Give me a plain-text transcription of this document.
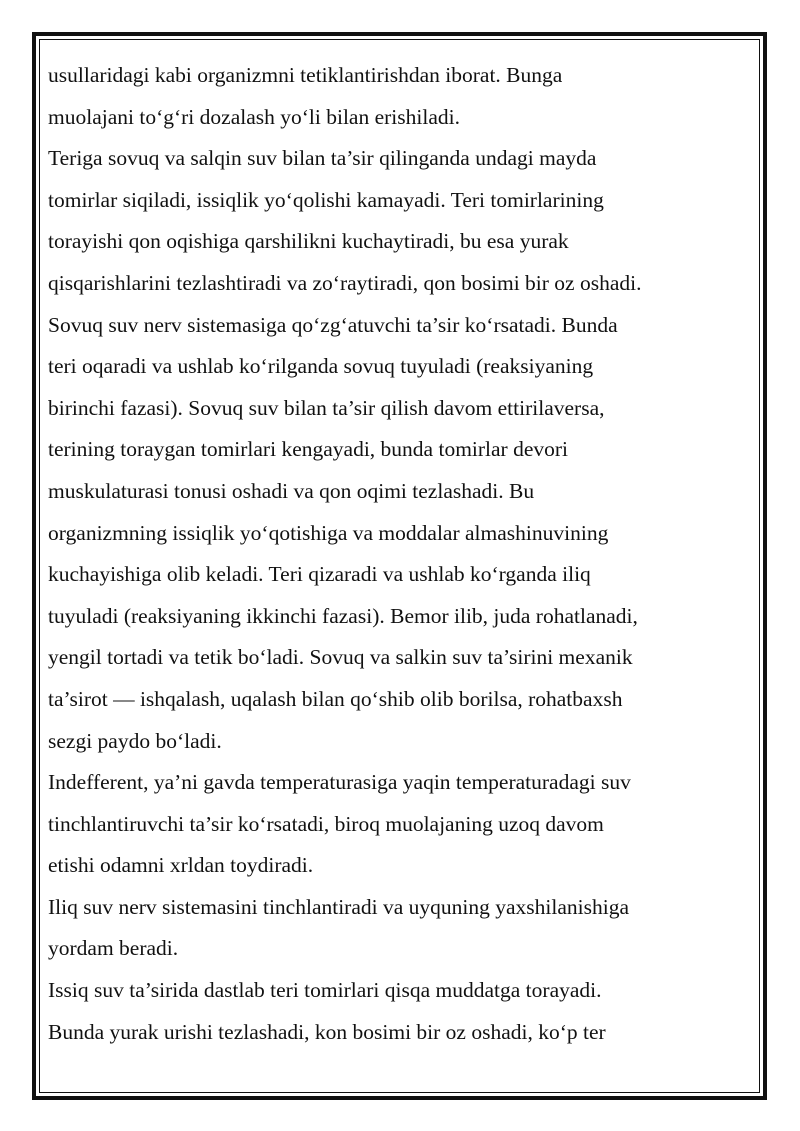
usullaridagi kabi organizmni tetiklantirishdan iborat. Bunga
muolajani to‘g‘ri dozalash yo‘li bilan erishiladi.
Teriga sovuq va salqin suv bilan ta’sir qilinganda undagi mayda
tomirlar siqiladi, issiqlik yo‘qolishi kamayadi. Teri tomirlarining
torayishi qon oqishiga qarshilikni kuchaytiradi, bu esa yurak
qisqarishlarini tezlashtiradi va zo‘raytiradi, qon bosimi bir oz oshadi.
Sovuq suv nerv sistemasiga qo‘zg‘atuvchi ta’sir ko‘rsatadi. Bunda
teri oqaradi va ushlab ko‘rilganda sovuq tuyuladi (reaksiyaning
birinchi fazasi). Sovuq suv bilan ta’sir qilish davom ettirilaversa,
terining toraygan tomirlari kengayadi, bunda tomirlar devori
muskulaturasi tonusi oshadi va qon oqimi tezlashadi. Bu
organizmning issiqlik yo‘qotishiga va moddalar almashinuvining
kuchayishiga olib keladi. Teri qizaradi va ushlab ko‘rganda iliq
tuyuladi (reaksiyaning ikkinchi fazasi). Bemor ilib, juda rohatlanadi,
yengil tortadi va tetik bo‘ladi. Sovuq va salkin suv ta’sirini mexanik
ta’sirot — ishqalash, uqalash bilan qo‘shib olib borilsa, rohatbaxsh
sezgi paydo bo‘ladi.
Indefferent, ya’ni gavda temperaturasiga yaqin temperaturadagi suv
tinchlantiruvchi ta’sir ko‘rsatadi, biroq muolajaning uzoq davom
etishi odamni xrldan toydiradi.
Iliq suv nerv sistemasini tinchlantiradi va uyquning yaxshilanishiga
yordam beradi.
Issiq suv ta’sirida dastlab teri tomirlari qisqa muddatga torayadi.
Bunda yurak urishi tezlashadi, kon bosimi bir oz oshadi, ko‘p ter
